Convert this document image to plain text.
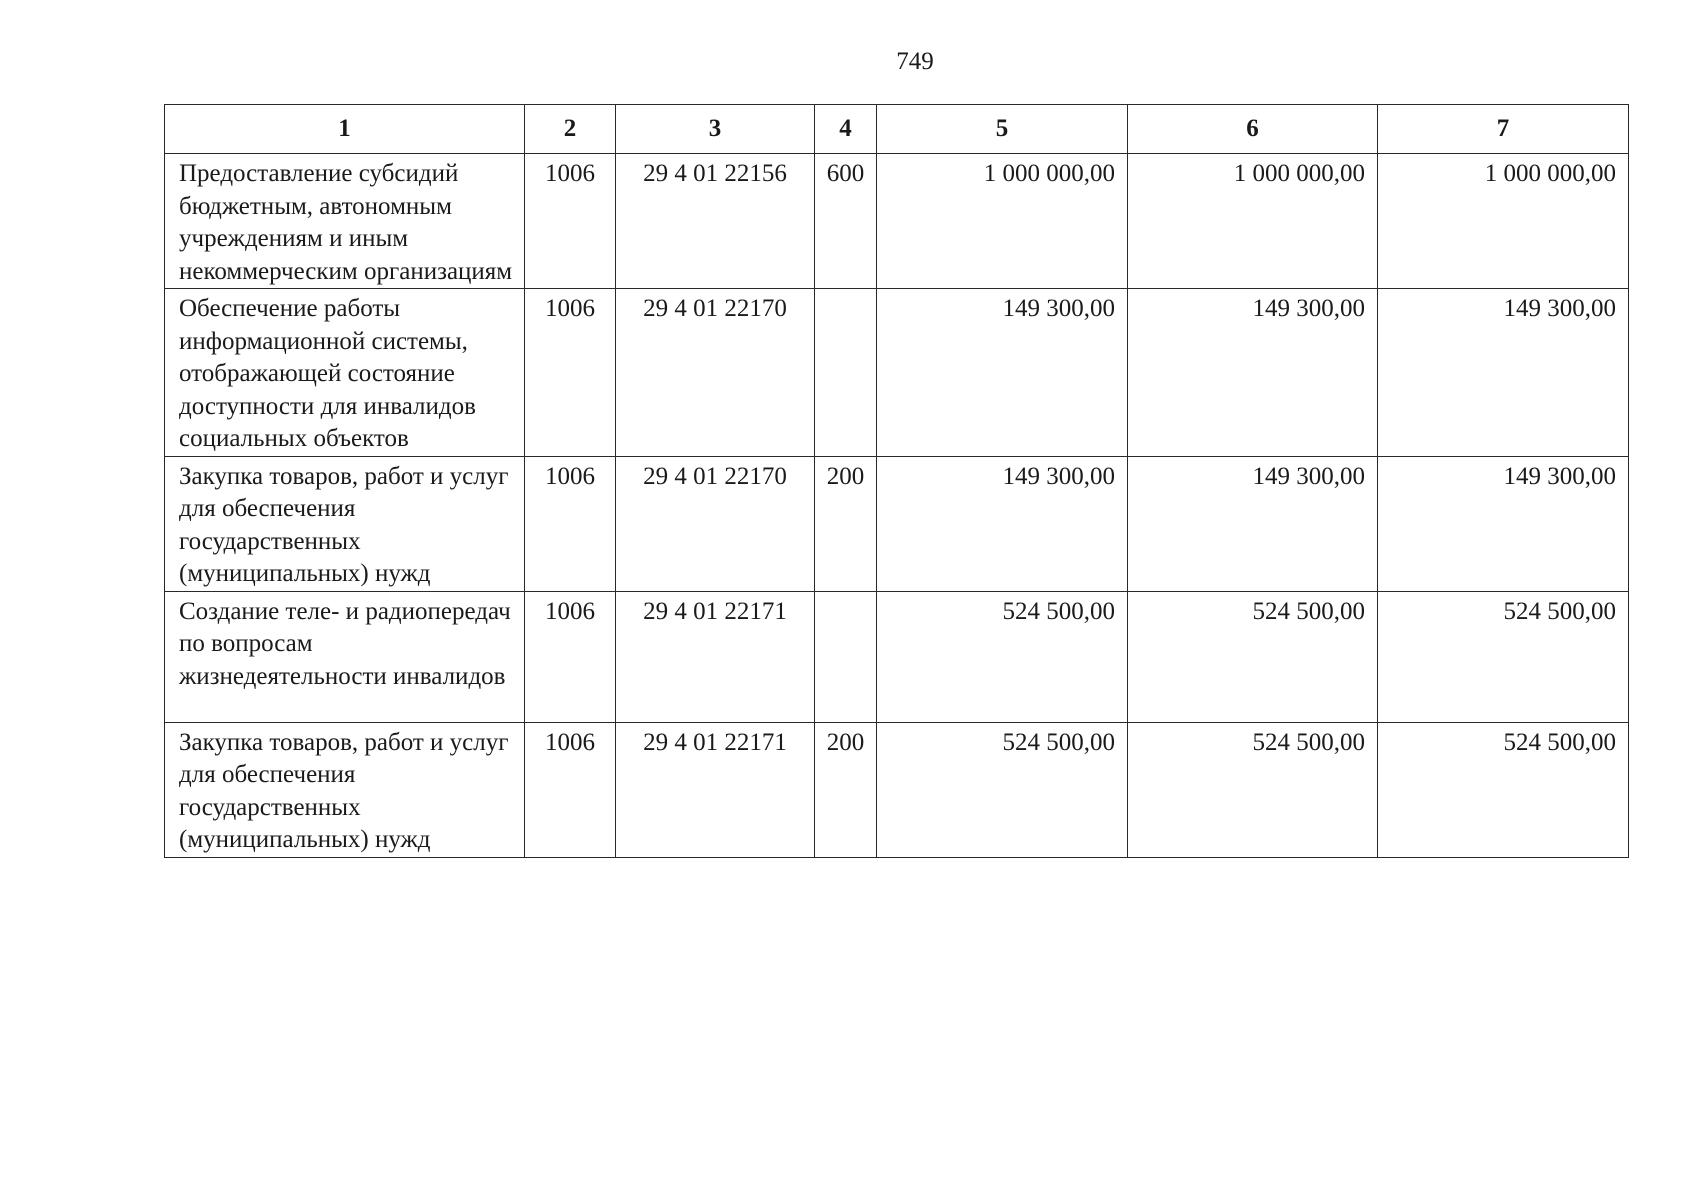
749
1	2	3	4	5	6	7
Предоставление субсидий бюджетным, автономным учреждениям и иным некоммерческим организациям	1006	29 4 01 22156	600	1 000 000,00	1 000 000,00	1 000 000,00
Обеспечение работы информационной системы, отображающей состояние доступности для инвалидов социальных объектов	1006	29 4 01 22170		149 300,00	149 300,00	149 300,00
Закупка товаров, работ и услуг для обеспечения государственных (муниципальных) нужд	1006	29 4 01 22170	200	149 300,00	149 300,00	149 300,00
Создание теле- и радиопередач по вопросам жизнедеятельности инвалидов	1006	29 4 01 22171		524 500,00	524 500,00	524 500,00
Закупка товаров, работ и услуг для обеспечения государственных (муниципальных) нужд	1006	29 4 01 22171	200	524 500,00	524 500,00	524 500,00
